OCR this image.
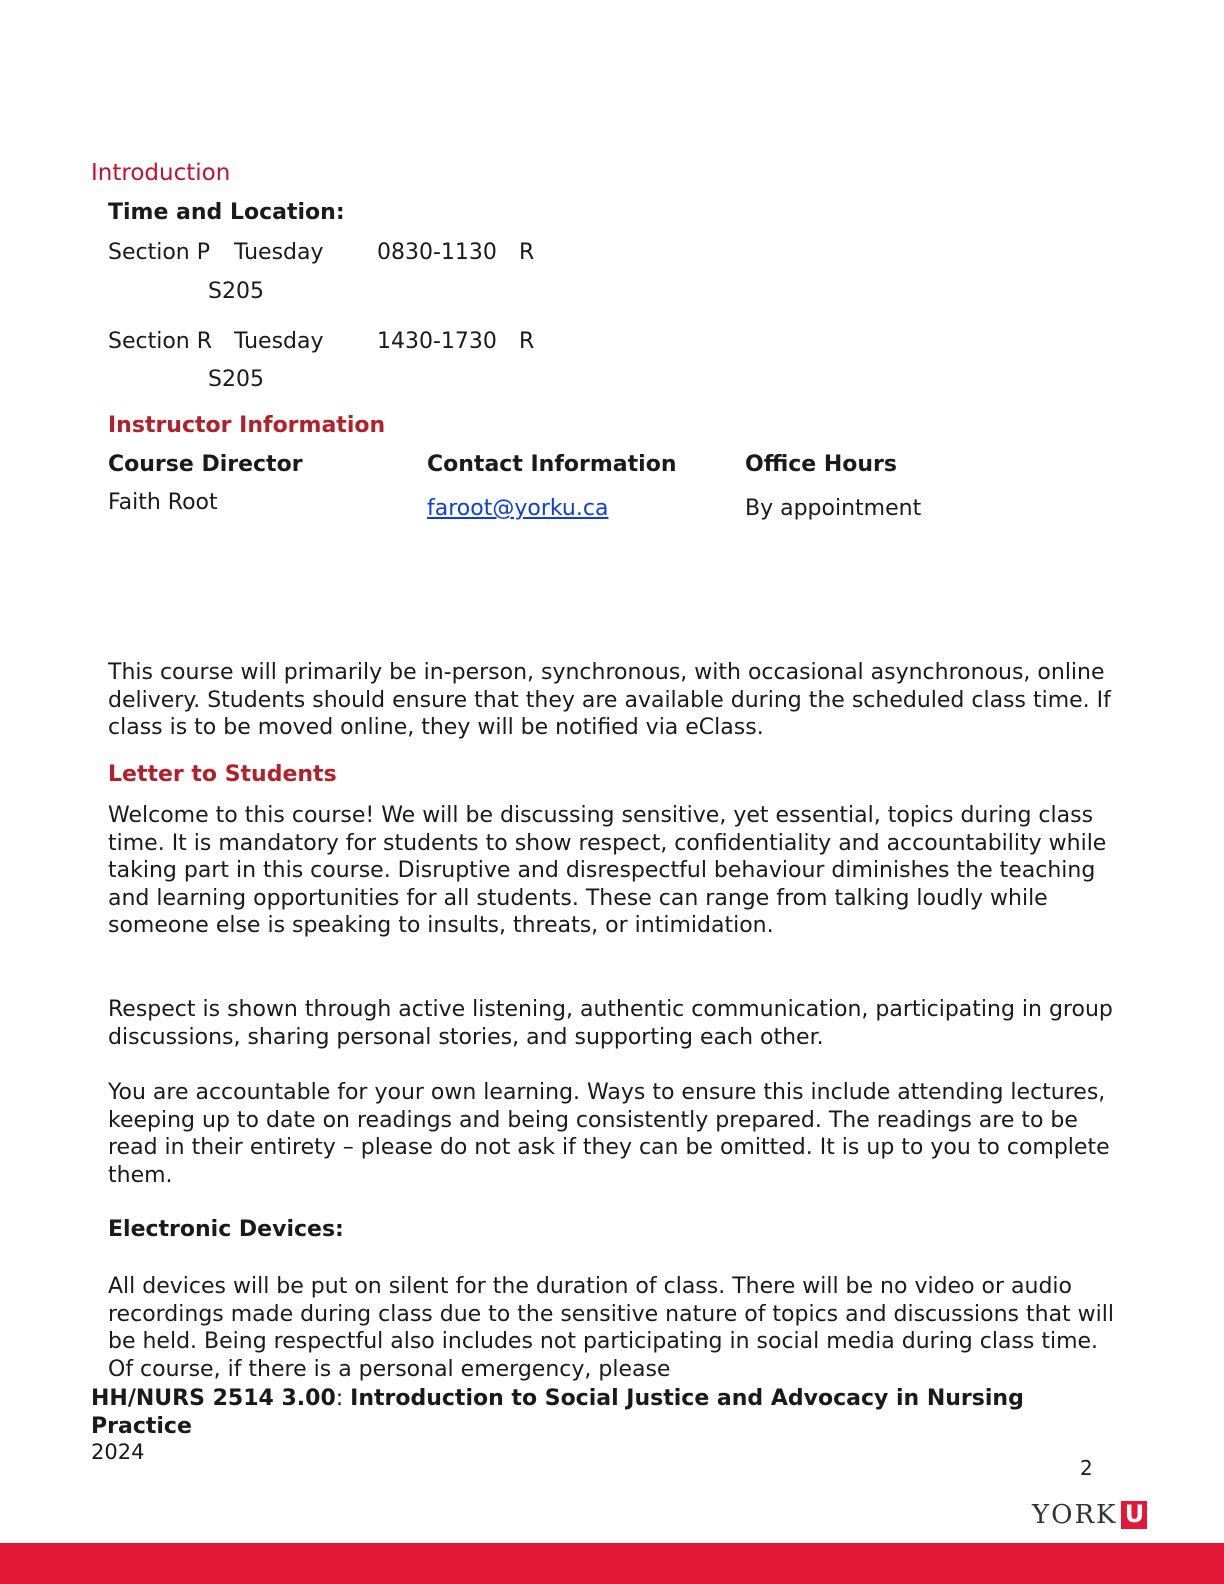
Introduction
Time and Location:
Section P Tuesday 0830-1130 R
S205
Section R Tuesday 1430-1730 R
S205
Instructor Information
Course Director	Contact Information	Office Hours
Faith Root	faroot@yorku.ca	By appointment
This course will primarily be in-person, synchronous, with occasional asynchronous, online delivery. Students should ensure that they are available during the scheduled class time. If class is to be moved online, they will be notified via eClass.
Letter to Students
Welcome to this course! We will be discussing sensitive, yet essential, topics during class time. It is mandatory for students to show respect, confidentiality and accountability while taking part in this course. Disruptive and disrespectful behaviour diminishes the teaching and learning opportunities for all students. These can range from talking loudly while someone else is speaking to insults, threats, or intimidation.
Respect is shown through active listening, authentic communication, participating in group discussions, sharing personal stories, and supporting each other.
You are accountable for your own learning. Ways to ensure this include attending lectures, keeping up to date on readings and being consistently prepared. The readings are to be read in their entirety – please do not ask if they can be omitted. It is up to you to complete them.
Electronic Devices:
All devices will be put on silent for the duration of class. There will be no video or audio recordings made during class due to the sensitive nature of topics and discussions that will be held. Being respectful also includes not participating in social media during class time. Of course, if there is a personal emergency, please
HH/NURS 2514 3.00: Introduction to Social Justice and Advocacy in Nursing Practice
2024
2
YORK U
